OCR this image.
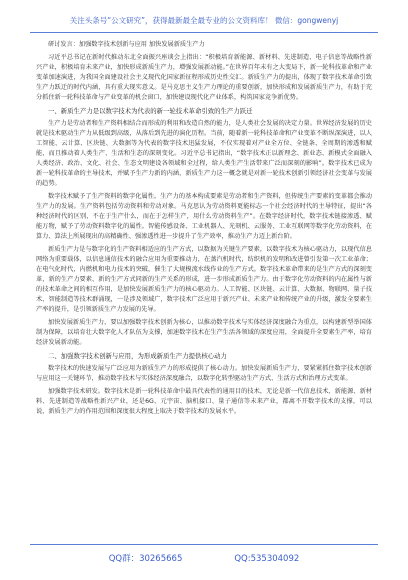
关注头条号“公文研究”，获得最新最全最专业的公文资料库！ 微信：gongwenyj

研讨发言：加强数字技术创新与应用 加快发展新质生产力

习近平总书记在新时代推动东北全面振兴座谈会上指出：“积极培育新能源、新材料、先进制造、电子信息等战略性新兴产业，积极培育未来产业，加快形成新质生产力，增强发展新动能。”在世界百年未有之大变局下，新一轮科技革命和产业变革加速演进，为我国全面建设社会主义现代化国家新征程形成历史性交汇。新质生产力的提出，体现了数字技术革命引致生产力跃迁的时代内涵，具有重大现实意义。是马克思主义生产力理论的重要创新，加快形成和发展新质生产力，有助于充分抓住新一轮科技革命与产业变革的机会窗口，加快建设现代化产业体系，构筑国家竞争新优势。

一、新质生产力是以数字技术为代表的新一轮技术革命引致的生产力跃迁

生产力是劳动者和生产资料相结合而形成的利用和改造自然的能力，是人类社会发展的决定力量。世界经济发展的历史就是技术驱动生产力从低级到高级，从落后到先进的演化历程。当前，随着新一轮科技革命和产业变革不断纵深演进，以人工智能、云计算、区块链、大数据等为代表的数字技术迅猛发展，不仅实现着对产业全方位、全链条、全周期的渗透和赋能，而且推动着人类生产、生活和生态的深刻变化。习近平总书记指出，“数字技术正以新理念、新业态、新模式全面融入人类经济、政治、文化、社会、生态文明建设各领域和全过程，给人类生产生活带来广泛而深刻的影响”。数字技术已成为新一轮科技革命的主导技术，并赋予生产力新的内涵，新质生产力这一概念就是对新一轮技术创新引领经济社会变革与发展的趋势。

数字技术赋予了生产资料的数字化属性。生产力的基本构成要素是劳动者和生产资料，但传统生产要素的变革都会推动生产力的发展。生产资料包括劳动资料和劳动对象。马克思认为劳动资料更能标志一个社会经济时代的主导特征，提出“各种经济时代的区别，不在于生产什么，而在于怎样生产，用什么劳动资料生产”。在数字经济时代，数字技术链接渗透、赋能万物，赋予了劳动资料数字化的属性。智能传感设备、工业机器人、光刻机、云服务、工业互联网等数字化劳动资料，在算力、算法上所展现出的高精确性、强渗透性进一步提升了生产效率，推动生产力迈上新台阶。

新质生产力是与数字化的生产资料相适应的生产方式，以数据为关键生产要素，以数字技术为核心驱动力，以现代信息网络为重要载体，以信息通信技术的融合应用为重要推动力，在蒸汽机时代，纺织机的发明和改进曾引发第一次工业革命；在电气化时代，内燃机和电力技术的突破，催生了大规模流水线作业的生产方式。数字技术革命带来的是生产方式的深刻变革，新的生产力要素、新的生产方式同新的生产关系的形成，进一步形成新质生产力。由于数字化劳动资料的内在属性与新的技术革命之间的相互作用，是加快发展新质生产力的核心驱动力。人工智能、区块链、云计算、大数据、物联网、量子技术、智能制造等技术群涌现，一是涉及领域广，数字技术广泛应用于新兴产业、未来产业和传统产业的升级，激发全要素生产率的提升，是引领新质生产力发展的先导。

加快发展新质生产力，要以加强数字技术创新为核心，以推动数字技术与实体经济深度融合为重点，以构建新型举国体制为保障，以培育壮大数字化人才队伍为支撑，加速数字技术在生产生活各领域的深度应用，全面提升全要素生产率，培育经济发展新动能。

二、加强数字技术创新与应用，为形成新质生产力提供核心动力

数字技术的快速发展与广泛应用为新质生产力的形成提供了核心动力。加快发展新质生产力，要紧紧抓住数字技术创新与应用这一关键环节，推动数字技术与实体经济深度融合，以数字化转型驱动生产方式、生活方式和治理方式变革。

加强数字技术研发。数字技术是新一轮科技革命中最具代表性的通用目的技术，无论是新一代信息技术、新能源、新材料、先进制造等战略性新兴产业，还是6G、元宇宙、脑机接口、量子通信等未来产业，都离不开数字技术的支撑，可以说，新质生产力的作用范围和深度很大程度上取决于数字技术的发展水平。

QQ群：30265665	QQ:535304092
